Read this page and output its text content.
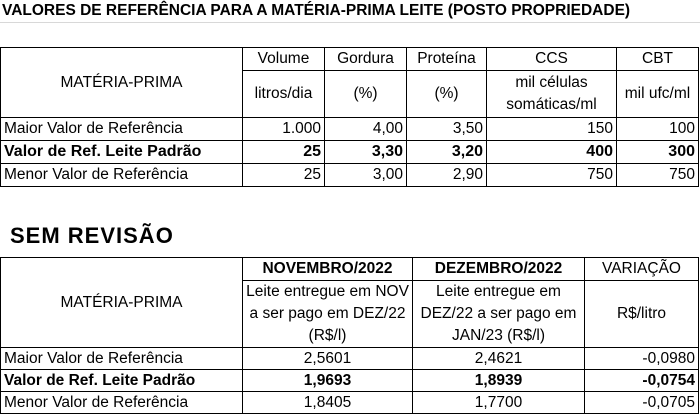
VALORES DE REFERÊNCIA PARA A MATÉRIA-PRIMA LEITE (POSTO PROPRIEDADE)
MATÉRIA-PRIMA	Volume	Gordura	Proteína	CCS	CBT
	litros/dia	(%)	(%)	mil células somáticas/ml	mil ufc/ml
Maior Valor de Referência	1.000	4,00	3,50	150	100
Valor de Ref. Leite Padrão	25	3,30	3,20	400	300
Menor Valor de Referência	25	3,00	2,90	750	750
SEM REVISÃO
MATÉRIA-PRIMA	NOVEMBRO/2022	DEZEMBRO/2022	VARIAÇÃO
	Leite entregue em NOV a ser pago em DEZ/22 (R$/l)	Leite entregue em DEZ/22 a ser pago em JAN/23 (R$/l)	R$/litro
Maior Valor de Referência	2,5601	2,4621	-0,0980
Valor de Ref. Leite Padrão	1,9693	1,8939	-0,0754
Menor Valor de Referência	1,8405	1,7700	-0,0705
